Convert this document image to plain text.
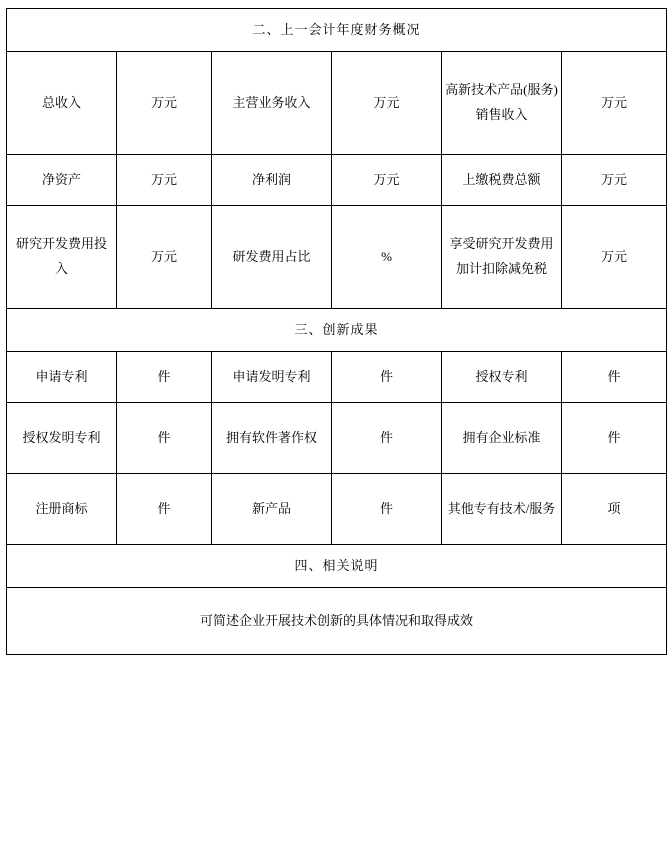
二、上一会计年度财务概况					
总收入	万元	主营业务收入	万元	高新技术产品(服务)销售收入	万元
净资产	万元	净利润	万元	上缴税费总额	万元
研究开发费用投入	万元	研发费用占比	%	享受研究开发费用加计扣除减免税	万元
三、创新成果					
申请专利	件	申请发明专利	件	授权专利	件
授权发明专利	件	拥有软件著作权	件	拥有企业标准	件
注册商标	件	新产品	件	其他专有技术/服务	项
四、相关说明					
可简述企业开展技术创新的具体情况和取得成效					
